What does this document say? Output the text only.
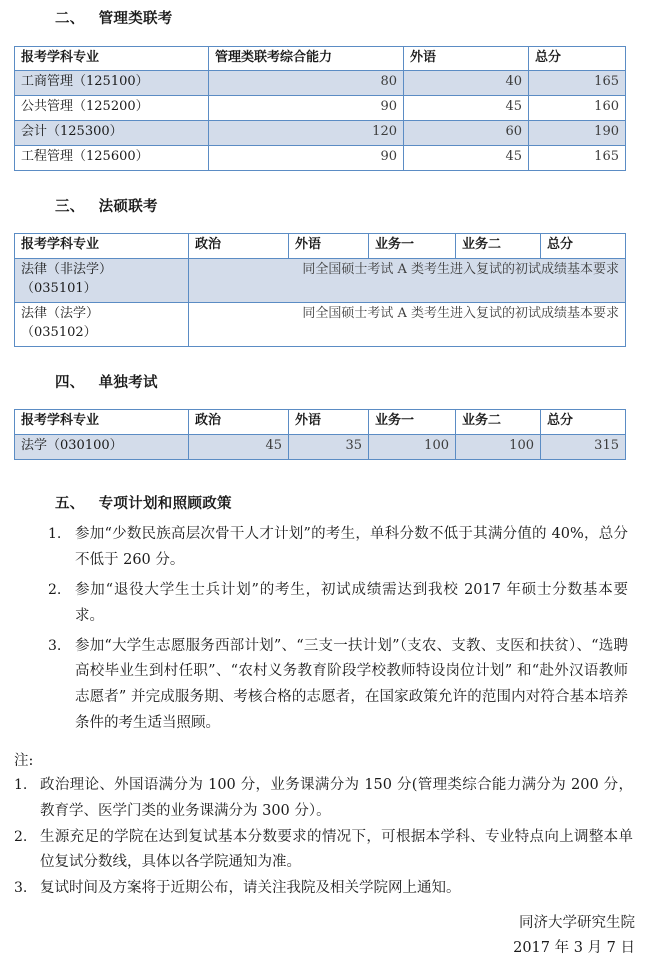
二、 管理类联考

报考学科专业	管理类联考综合能力	外语	总分
工商管理（125100）	80	40	165
公共管理（125200）	90	45	160
会计（125300）	120	60	190
工程管理（125600）	90	45	165

三、 法硕联考

报考学科专业	政治	外语	业务一	业务二	总分
法律（非法学）
（035101）	同全国硕士考试 A 类考生进入复试的初试成绩基本要求				
法律（法学）
（035102）	同全国硕士考试 A 类考生进入复试的初试成绩基本要求				

四、 单独考试

报考学科专业	政治	外语	业务一	业务二	总分
法学（030100）	45	35	100	100	315

五、 专项计划和照顾政策

1. 参加“少数民族高层次骨干人才计划”的考生，单科分数不低于其满分值的 40%，总分不低于 260 分。
2. 参加“退役大学生士兵计划”的考生，初试成绩需达到我校 2017 年硕士分数基本要求。
3. 参加“大学生志愿服务西部计划”、“三支一扶计划”（支农、支教、支医和扶贫）、“选聘高校毕业生到村任职”、“农村义务教育阶段学校教师特设岗位计划” 和“赴外汉语教师志愿者” 并完成服务期、考核合格的志愿者，在国家政策允许的范围内对符合基本培养条件的考生适当照顾。
注:
1. 政治理论、外国语满分为 100 分，业务课满分为 150 分(管理类综合能力满分为 200 分，教育学、医学门类的业务课满分为 300 分）。
2. 生源充足的学院在达到复试基本分数要求的情况下，可根据本学科、专业特点向上调整本单位复试分数线，具体以各学院通知为准。
3. 复试时间及方案将于近期公布，请关注我院及相关学院网上通知。
同济大学研究生院
2017 年 3 月 7 日
